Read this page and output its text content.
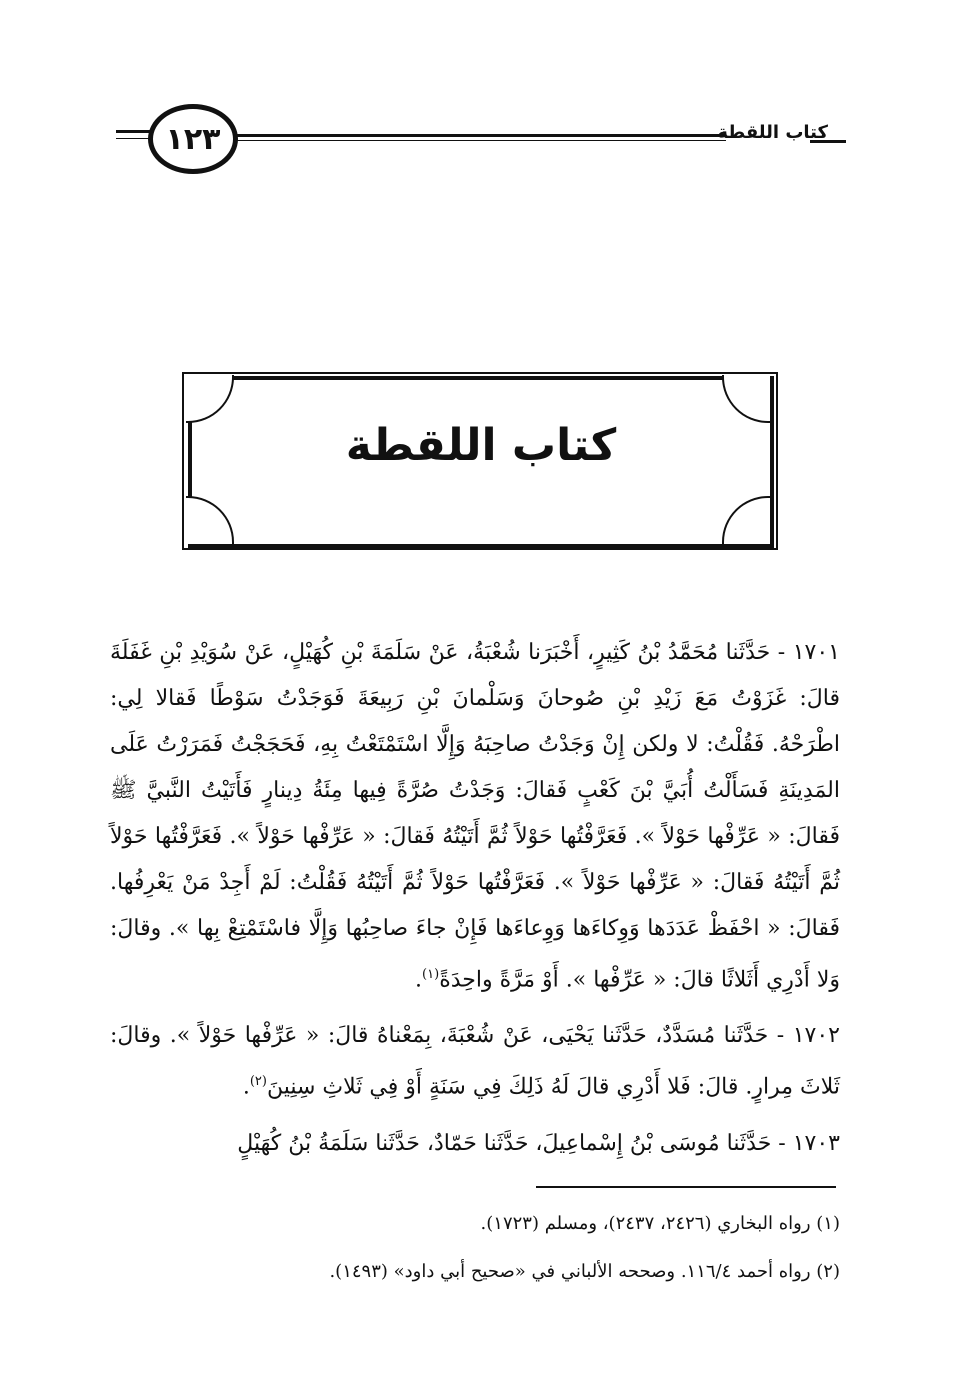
١٢٣	كتاب اللقطة
كتاب اللقطة

١٧٠١ - حَدَّثَنا مُحَمَّدُ بْنُ كَثِيرٍ، أَخْبَرَنا شُعْبَةُ، عَنْ سَلَمَةَ بْنِ كُهَيْلٍ، عَنْ سُوَيْدِ بْنِ غَفَلَةَ قالَ: غَزَوْتُ مَعَ زَيْدِ بْنِ صُوحانَ وَسَلْمانَ بْنِ رَبِيعَةَ فَوَجَدْتُ سَوْطًا فَقالا لِي: اطْرَحْهُ. فَقُلْتُ: لا ولكن إِنْ وَجَدْتُ صاحِبَهُ وَإِلَّا اسْتَمْتَعْتُ بِهِ، فَحَجَجْتُ فَمَرَرْتُ عَلَى المَدِينَةِ فَسَأَلْتُ أُبَيَّ بْنَ كَعْبٍ فَقالَ: وَجَدْتُ صُرَّةً فِيها مِئَةُ دِينارٍ فَأَتَيْتُ النَّبيَّ ﷺ فَقالَ: « عَرِّفْها حَوْلاً ». فَعَرَّفْتُها حَوْلاً ثُمَّ أَتَيْتُهُ فَقالَ: « عَرِّفْها حَوْلاً ». فَعَرَّفْتُها حَوْلاً ثُمَّ أَتَيْتُهُ فَقالَ: « عَرِّفْها حَوْلاً ». فَعَرَّفْتُها حَوْلاً ثُمَّ أَتَيْتُهُ فَقُلْتُ: لَمْ أَجِدْ مَنْ يَعْرِفُها. فَقالَ: « احْفَظْ عَدَدَها وَوِكاءَها وَوِعاءَها فَإِنْ جاءَ صاحِبُها وَإِلَّا فاسْتَمْتِعْ بِها ». وقالَ: وَلا أَدْرِي أَثَلاثًا قالَ: « عَرِّفْها ». أَوْ مَرَّةً واحِدَةً$^{(١)}$.

١٧٠٢ - حَدَّثَنا مُسَدَّدٌ، حَدَّثَنا يَحْيَى، عَنْ شُعْبَةَ، بِمَعْناهُ قالَ: « عَرِّفْها حَوْلاً ». وقالَ: ثَلاثَ مِرارٍ. قالَ: فَلا أَدْرِي قالَ لَهُ ذَلِكَ فِي سَنَةٍ أَوْ فِي ثَلاثِ سِنِينَ$^{(٢)}$.

١٧٠٣ - حَدَّثَنا مُوسَى بْنُ إِسْماعِيلَ، حَدَّثَنا حَمّادٌ، حَدَّثَنا سَلَمَةُ بْنُ كُهَيْلٍ

(١) رواه البخاري (٢٤٢٦، ٢٤٣٧)، ومسلم (١٧٢٣).
(٢) رواه أحمد ١١٦/٤. وصححه الألباني في «صحيح أبي داود» (١٤٩٣).
